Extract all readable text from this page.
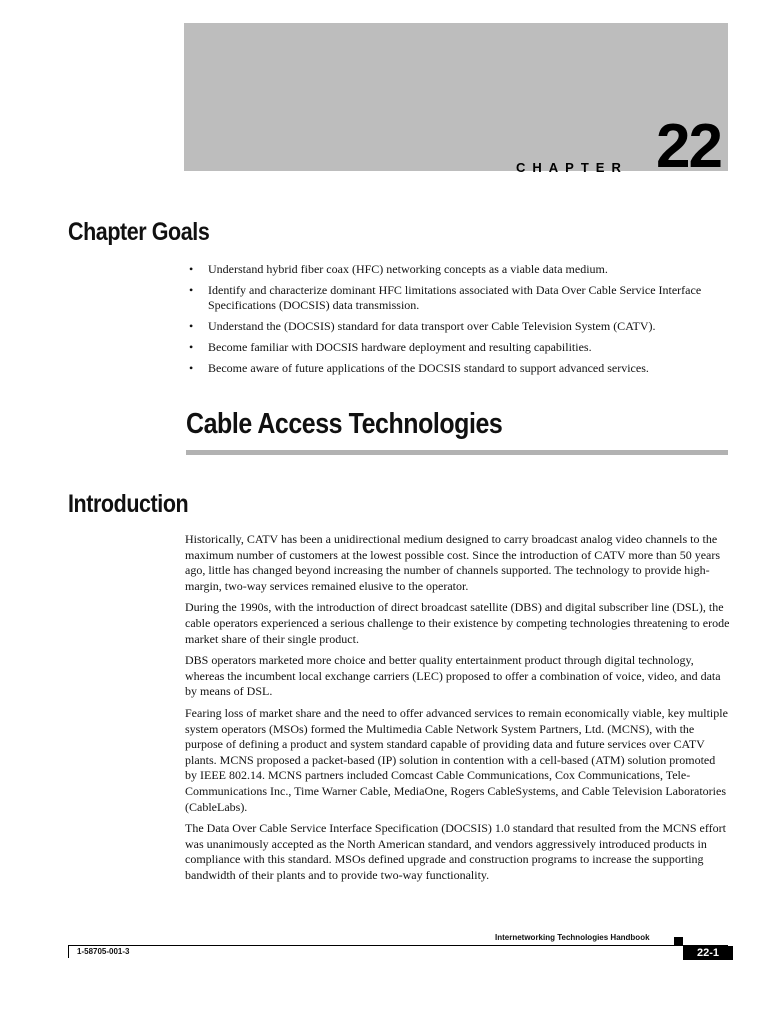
CHAPTER 22
Chapter Goals
• Understand hybrid fiber coax (HFC) networking concepts as a viable data medium.
• Identify and characterize dominant HFC limitations associated with Data Over Cable Service Interface Specifications (DOCSIS) data transmission.
• Understand the (DOCSIS) standard for data transport over Cable Television System (CATV).
• Become familiar with DOCSIS hardware deployment and resulting capabilities.
• Become aware of future applications of the DOCSIS standard to support advanced services.
Cable Access Technologies
Introduction

Historically, CATV has been a unidirectional medium designed to carry broadcast analog video channels to the maximum number of customers at the lowest possible cost. Since the introduction of CATV more than 50 years ago, little has changed beyond increasing the number of channels supported. The technology to provide high-margin, two-way services remained elusive to the operator.

During the 1990s, with the introduction of direct broadcast satellite (DBS) and digital subscriber line (DSL), the cable operators experienced a serious challenge to their existence by competing technologies threatening to erode market share of their single product.

DBS operators marketed more choice and better quality entertainment product through digital technology, whereas the incumbent local exchange carriers (LEC) proposed to offer a combination of voice, video, and data by means of DSL.

Fearing loss of market share and the need to offer advanced services to remain economically viable, key multiple system operators (MSOs) formed the Multimedia Cable Network System Partners, Ltd. (MCNS), with the purpose of defining a product and system standard capable of providing data and future services over CATV plants. MCNS proposed a packet-based (IP) solution in contention with a cell-based (ATM) solution promoted by IEEE 802.14. MCNS partners included Comcast Cable Communications, Cox Communications, Tele-Communications Inc., Time Warner Cable, MediaOne, Rogers CableSystems, and Cable Television Laboratories (CableLabs).

The Data Over Cable Service Interface Specification (DOCSIS) 1.0 standard that resulted from the MCNS effort was unanimously accepted as the North American standard, and vendors aggressively introduced products in compliance with this standard. MSOs defined upgrade and construction programs to increase the supporting bandwidth of their plants and to provide two-way functionality.

Internetworking Technologies Handbook
1-58705-001-3	22-1
